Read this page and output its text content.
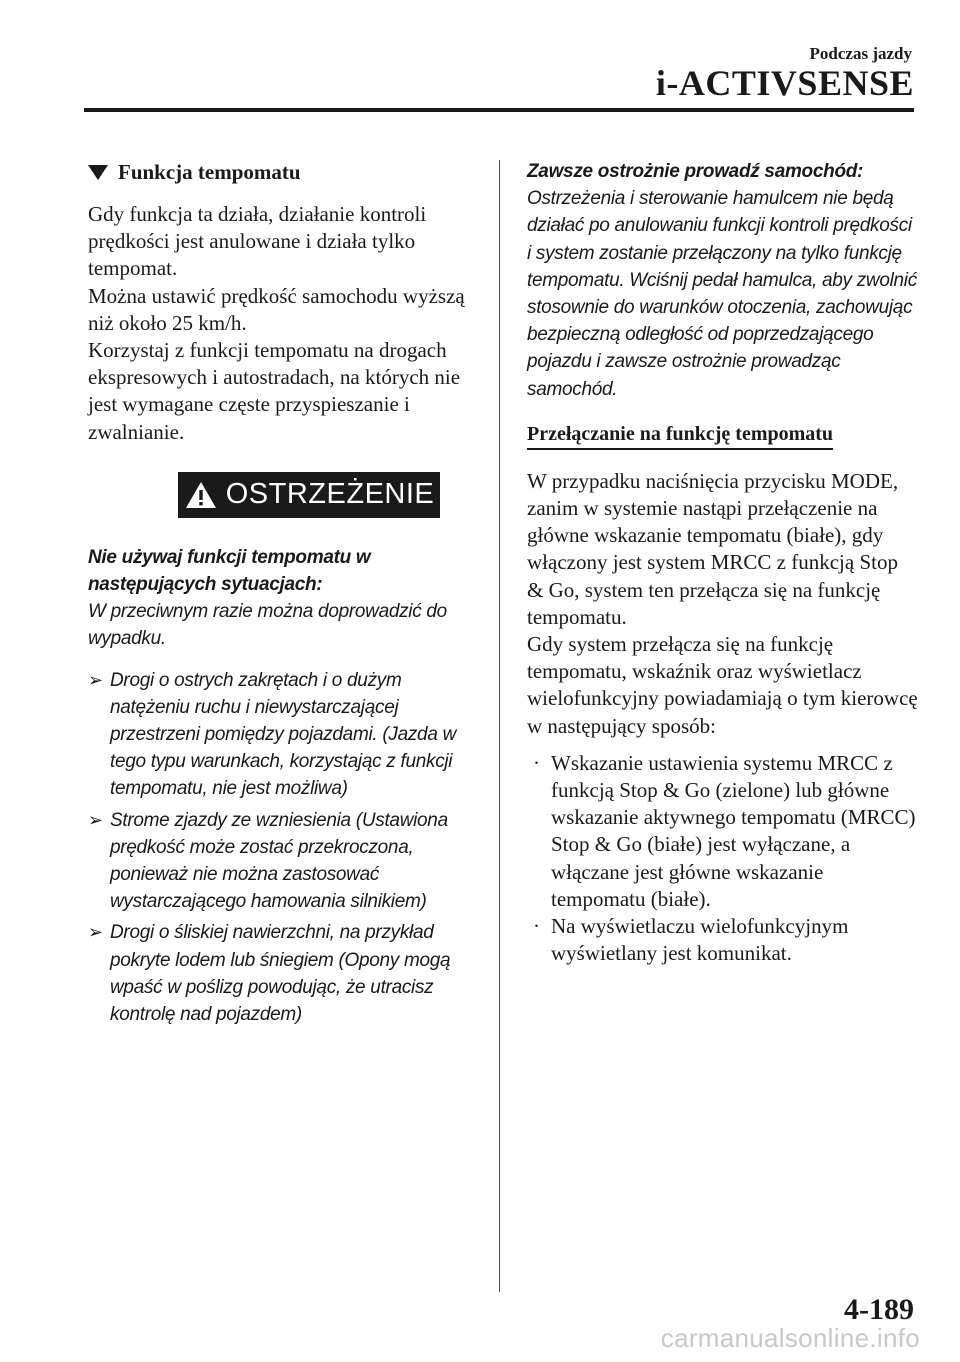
Podczas jazdy
i-ACTIVSENSE
Funkcja tempomatu

Gdy funkcja ta działa, działanie kontroli prędkości jest anulowane i działa tylko tempomat.

Można ustawić prędkość samochodu wyższą niż około 25 km/h.

Korzystaj z funkcji tempomatu na drogach ekspresowych i autostradach, na których nie jest wymagane częste przyspieszanie i zwalnianie.

OSTRZEŻENIE

Nie używaj funkcji tempomatu w następujących sytuacjach:

W przeciwnym razie można doprowadzić do wypadku.

➢ Drogi o ostrych zakrętach i o dużym natężeniu ruchu i niewystarczającej przestrzeni pomiędzy pojazdami. (Jazda w tego typu warunkach, korzystając z funkcji tempomatu, nie jest możliwa)
➢ Strome zjazdy ze wzniesienia (Ustawiona prędkość może zostać przekroczona, ponieważ nie można zastosować wystarczającego hamowania silnikiem)
➢ Drogi o śliskiej nawierzchni, na przykład pokryte lodem lub śniegiem (Opony mogą wpaść w poślizg powodując, że utracisz kontrolę nad pojazdem)

Zawsze ostrożnie prowadź samochód:

Ostrzeżenia i sterowanie hamulcem nie będą działać po anulowaniu funkcji kontroli prędkości i system zostanie przełączony na tylko funkcję tempomatu. Wciśnij pedał hamulca, aby zwolnić stosownie do warunków otoczenia, zachowując bezpieczną odległość od poprzedzającego pojazdu i zawsze ostrożnie prowadząc samochód.

Przełączanie na funkcję tempomatu

W przypadku naciśnięcia przycisku MODE, zanim w systemie nastąpi przełączenie na główne wskazanie tempomatu (białe), gdy włączony jest system MRCC z funkcją Stop & Go, system ten przełącza się na funkcję tempomatu.

Gdy system przełącza się na funkcję tempomatu, wskaźnik oraz wyświetlacz wielofunkcyjny powiadamiają o tym kierowcę w następujący sposób:

· Wskazanie ustawienia systemu MRCC z funkcją Stop & Go (zielone) lub główne wskazanie aktywnego tempomatu (MRCC) Stop & Go (białe) jest wyłączane, a włączane jest główne wskazanie tempomatu (białe).
· Na wyświetlaczu wielofunkcyjnym wyświetlany jest komunikat.
4-189
carmanualsonline.info
